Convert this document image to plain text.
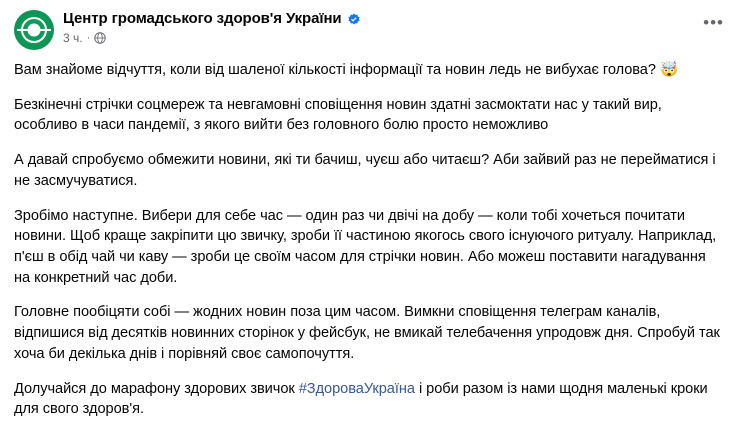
Центр громадського здоров'я України
3 ч. ·
•••

Вам знайоме відчуття, коли від шаленої кількості інформації та новин ледь не вибухає голова? 🤯

Безкінечні стрічки соцмереж та невгамовні сповіщення новин здатні засмоктати нас у такий вир, особливо в часи пандемії, з якого вийти без головного болю просто неможливо

А давай спробуємо обмежити новини, які ти бачиш, чуєш або читаєш? Аби зайвий раз не перейматися і не засмучуватися.

Зробімо наступне. Вибери для себе час — один раз чи двічі на добу — коли тобі хочеться почитати новини. Щоб краще закріпити цю звичку, зроби її частиною якогось свого існуючого ритуалу. Наприклад, п'єш в обід чай чи каву — зроби це своїм часом для стрічки новин. Або можеш поставити нагадування на конкретний час доби.

Головне пообіцяти собі — жодних новин поза цим часом. Вимкни сповіщення телеграм каналів, відпишися від десятків новинних сторінок у фейсбук, не вмикай телебачення упродовж дня. Спробуй так хоча би декілька днів і порівняй своє самопочуття.

Долучайся до марафону здорових звичок #ЗдороваУкраїна і роби разом із нами щодня маленькі кроки для свого здоров'я.
